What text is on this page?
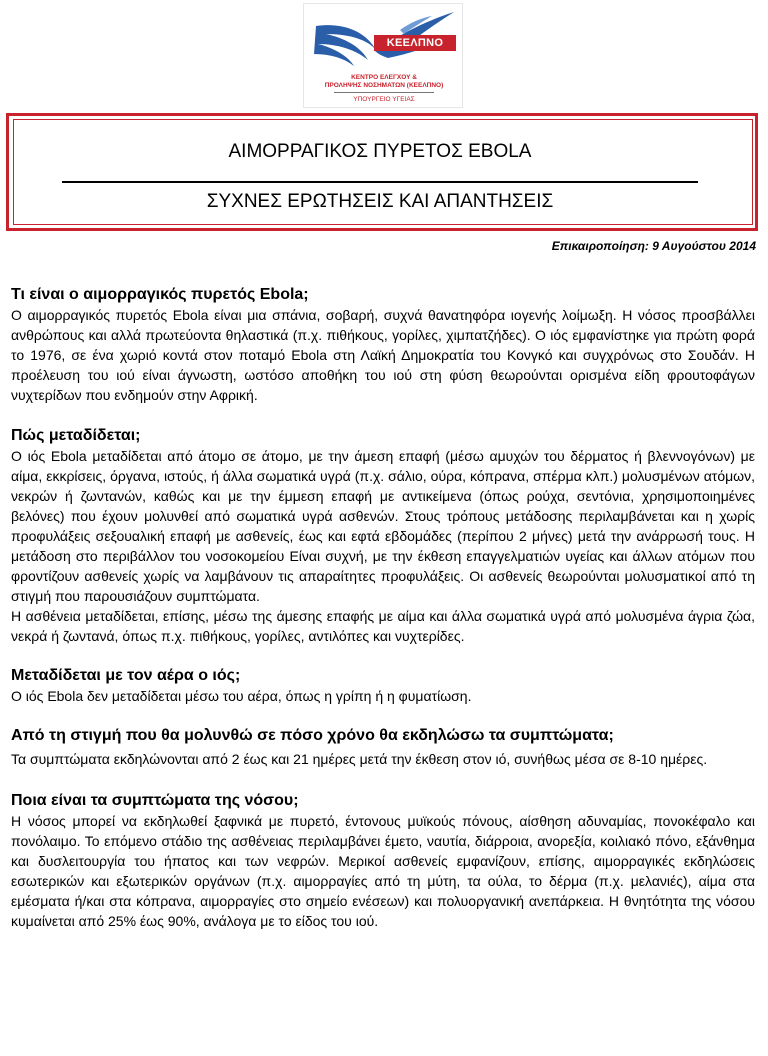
ΚΕΕΛΠΝΟ
ΚΕΝΤΡΟ ΕΛΕΓΧΟΥ &
ΠΡΟΛΗΨΗΣ ΝΟΣΗΜΑΤΩΝ (ΚΕΕΛΠΝΟ)
ΥΠΟΥΡΓΕΙΟ ΥΓΕΙΑΣ
ΑΙΜΟΡΡΑΓΙΚΟΣ ΠΥΡΕΤΟΣ EBOLA
ΣΥΧΝΕΣ ΕΡΩΤΗΣΕΙΣ ΚΑΙ ΑΠΑΝΤΗΣΕΙΣ
Επικαιροποίηση: 9 Αυγούστου 2014

Τι είναι ο αιμορραγικός πυρετός Ebola;

Ο αιμορραγικός πυρετός Ebola είναι μια σπάνια, σοβαρή, συχνά θανατηφόρα ιογενής λοίμωξη. Η νόσος προσβάλλει ανθρώπους και αλλά πρωτεύοντα θηλαστικά (π.χ. πιθήκους, γορίλες, χιμπατζήδες). Ο ιός εμφανίστηκε για πρώτη φορά το 1976, σε ένα χωριό κοντά στον ποταμό Ebola στη Λαϊκή Δημοκρατία του Κονγκό και συγχρόνως στο Σουδάν. Η προέλευση του ιού είναι άγνωστη, ωστόσο αποθήκη του ιού στη φύση θεωρούνται ορισμένα είδη φρουτοφάγων νυχτερίδων που ενδημούν στην Αφρική.

Πώς μεταδίδεται;

Ο ιός Ebola μεταδίδεται από άτομο σε άτομο, με την άμεση επαφή (μέσω αμυχών του δέρματος ή βλεννογόνων) με αίμα, εκκρίσεις, όργανα, ιστούς, ή άλλα σωματικά υγρά (π.χ. σάλιο, ούρα, κόπρανα, σπέρμα κλπ.) μολυσμένων ατόμων, νεκρών ή ζωντανών, καθώς και με την έμμεση επαφή με αντικείμενα (όπως ρούχα, σεντόνια, χρησιμοποιημένες βελόνες) που έχουν μολυνθεί από σωματικά υγρά ασθενών. Στους τρόπους μετάδοσης περιλαμβάνεται και η χωρίς προφυλάξεις σεξουαλική επαφή με ασθενείς, έως και εφτά εβδομάδες (περίπου 2 μήνες) μετά την ανάρρωσή τους. Η μετάδοση στο περιβάλλον του νοσοκομείου Είναι συχνή, με την έκθεση επαγγελματιών υγείας και άλλων ατόμων που φροντίζουν ασθενείς χωρίς να λαμβάνουν τις απαραίτητες προφυλάξεις. Οι ασθενείς θεωρούνται μολυσματικοί από τη στιγμή που παρουσιάζουν συμπτώματα.

Η ασθένεια μεταδίδεται, επίσης, μέσω της άμεσης επαφής με αίμα και άλλα σωματικά υγρά από μολυσμένα άγρια ζώα, νεκρά ή ζωντανά, όπως π.χ. πιθήκους, γορίλες, αντιλόπες και νυχτερίδες.

Μεταδίδεται με τον αέρα ο ιός;

Ο ιός Ebola δεν μεταδίδεται μέσω του αέρα, όπως η γρίπη ή η φυματίωση.

Από τη στιγμή που θα μολυνθώ σε πόσο χρόνο θα εκδηλώσω τα συμπτώματα;

Τα συμπτώματα εκδηλώνονται από 2 έως και 21 ημέρες μετά την έκθεση στον ιό, συνήθως μέσα σε 8-10 ημέρες.

Ποια είναι τα συμπτώματα της νόσου;

Η νόσος μπορεί να εκδηλωθεί ξαφνικά με πυρετό, έντονους μυϊκούς πόνους, αίσθηση αδυναμίας, πονοκέφαλο και πονόλαιμο. Το επόμενο στάδιο της ασθένειας περιλαμβάνει έμετο, ναυτία, διάρροια, ανορεξία, κοιλιακό πόνο, εξάνθημα και δυσλειτουργία του ήπατος και των νεφρών. Μερικοί ασθενείς εμφανίζουν, επίσης, αιμορραγικές εκδηλώσεις εσωτερικών και εξωτερικών οργάνων (π.χ. αιμορραγίες από τη μύτη, τα ούλα, το δέρμα (π.χ. μελανιές), αίμα στα εμέσματα ή/και στα κόπρανα, αιμορραγίες στο σημείο ενέσεων) και πολυοργανική ανεπάρκεια. Η θνητότητα της νόσου κυμαίνεται από 25% έως 90%, ανάλογα με το είδος του ιού.
